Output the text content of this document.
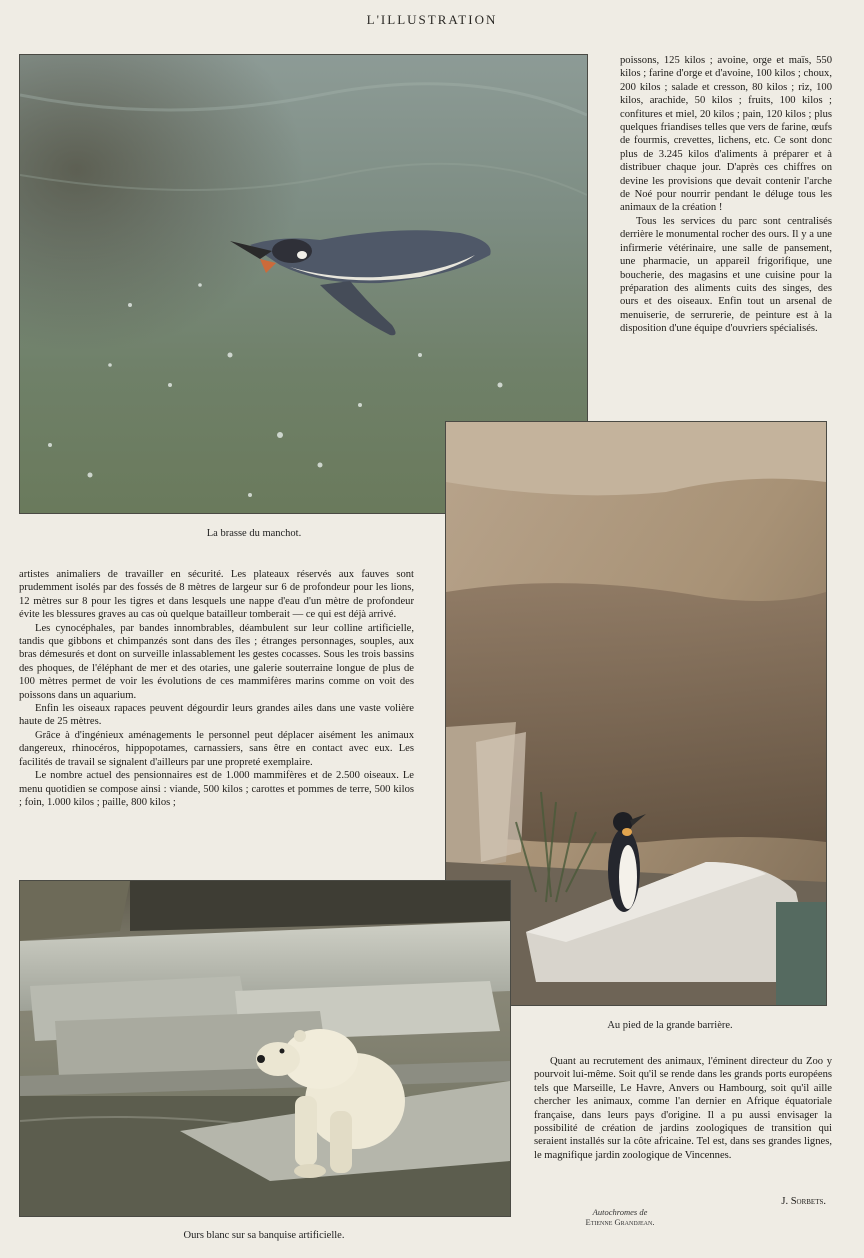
L'ILLUSTRATION
La brasse du manchot.

poissons, 125 kilos ; avoine, orge et maïs, 550 kilos ; farine d'orge et d'avoine, 100 kilos ; choux, 200 kilos ; salade et cresson, 80 kilos ; riz, 100 kilos, arachide, 50 kilos ; fruits, 100 kilos ; confitures et miel, 20 kilos ; pain, 120 kilos ; plus quelques friandises telles que vers de farine, œufs de fourmis, crevettes, lichens, etc. Ce sont donc plus de 3.245 kilos d'aliments à préparer et à distribuer chaque jour. D'après ces chiffres on devine les provisions que devait contenir l'arche de Noé pour nourrir pendant le déluge tous les animaux de la création !

Tous les services du parc sont centralisés derrière le monumental rocher des ours. Il y a une infirmerie vétérinaire, une salle de pansement, une pharmacie, un appareil frigorifique, une boucherie, des magasins et une cuisine pour la préparation des aliments cuits des singes, des ours et des oiseaux. Enfin tout un arsenal de menuiserie, de serrurerie, de peinture est à la disposition d'une équipe d'ouvriers spécialisés.

Au pied de la grande barrière.

artistes animaliers de travailler en sécurité. Les plateaux réservés aux fauves sont prudemment isolés par des fossés de 8 mètres de largeur sur 6 de profondeur pour les lions, 12 mètres sur 8 pour les tigres et dans lesquels une nappe d'eau d'un mètre de profondeur évite les blessures graves au cas où quelque batailleur tomberait — ce qui est déjà arrivé.

Les cynocéphales, par bandes innombrables, déambulent sur leur colline artificielle, tandis que gibbons et chimpanzés sont dans des îles ; étranges personnages, souples, aux bras démesurés et dont on surveille inlassablement les gestes cocasses. Sous les trois bassins des phoques, de l'éléphant de mer et des otaries, une galerie souterraine longue de plus de 100 mètres permet de voir les évolutions de ces mammifères marins comme on voit des poissons dans un aquarium.

Enfin les oiseaux rapaces peuvent dégourdir leurs grandes ailes dans une vaste volière haute de 25 mètres.

Grâce à d'ingénieux aménagements le personnel peut déplacer aisément les animaux dangereux, rhinocéros, hippopotames, carnassiers, sans être en contact avec eux. Les facilités de travail se signalent d'ailleurs par une propreté exemplaire.

Le nombre actuel des pensionnaires est de 1.000 mammifères et de 2.500 oiseaux. Le menu quotidien se compose ainsi : viande, 500 kilos ; carottes et pommes de terre, 500 kilos ; foin, 1.000 kilos ; paille, 800 kilos ;

Ours blanc sur sa banquise artificielle.

Quant au recrutement des animaux, l'éminent directeur du Zoo y pourvoit lui-même. Soit qu'il se rende dans les grands ports européens tels que Marseille, Le Havre, Anvers ou Hambourg, soit qu'il aille chercher les animaux, comme l'an dernier en Afrique équatoriale française, dans leurs pays d'origine. Il a pu aussi envisager la possibilité de création de jardins zoologiques de transition qui seraient installés sur la côte africaine. Tel est, dans ses grandes lignes, le magnifique jardin zoologique de Vincennes.

J. Sorbets.
Autochromes de
Etienne Grandjean.
